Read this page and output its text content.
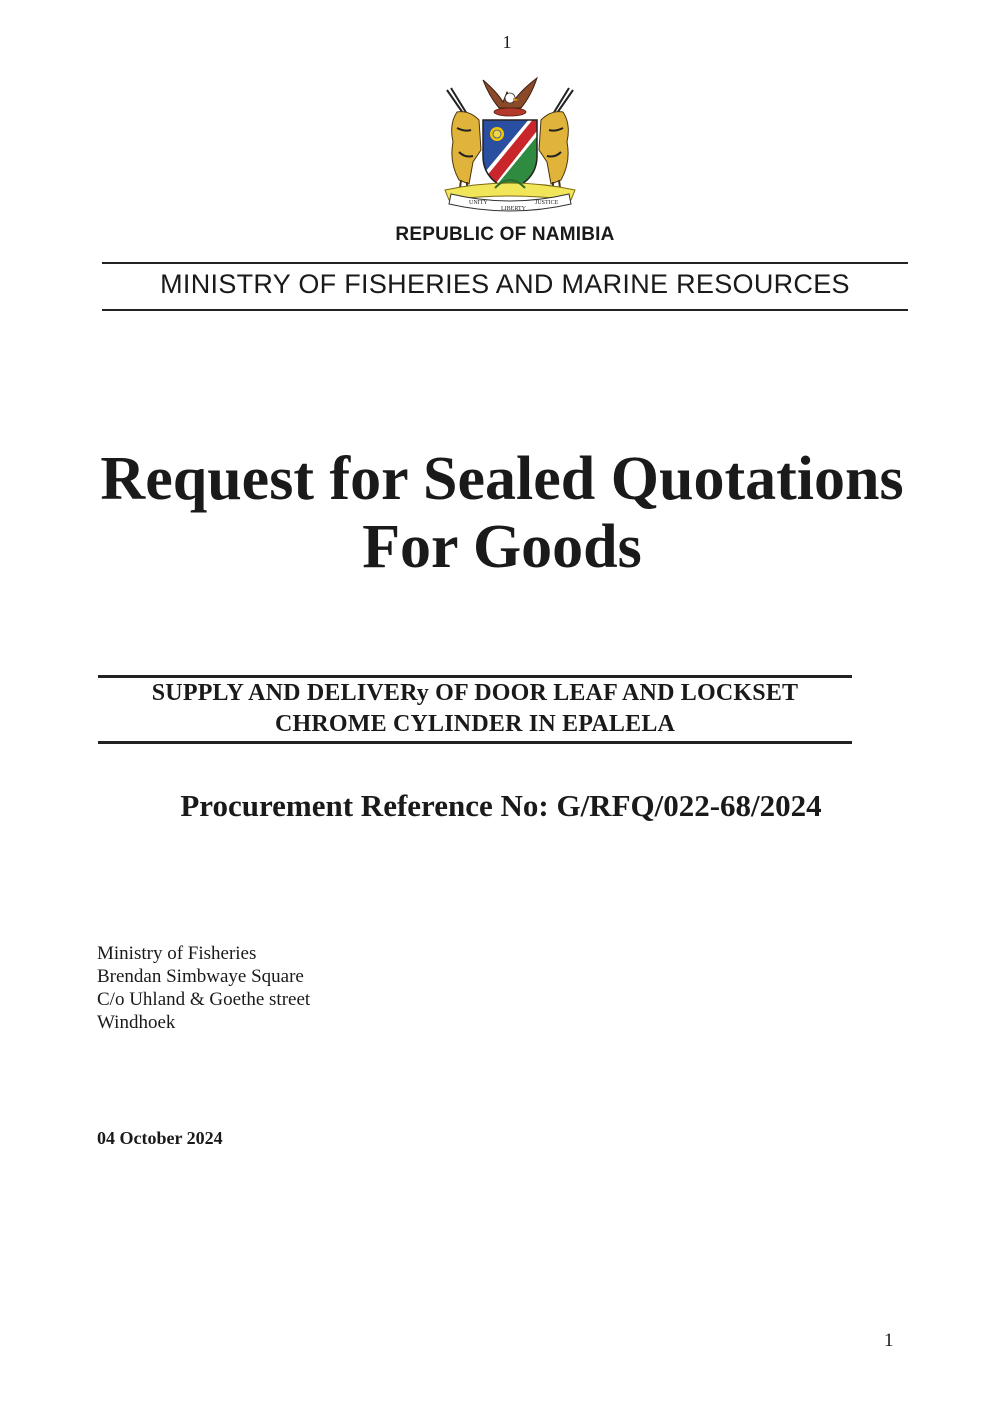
1
UNITY
LIBERTY
JUSTICE
REPUBLIC OF NAMIBIA
MINISTRY OF FISHERIES AND MARINE RESOURCES
Request for Sealed Quotations
For Goods
SUPPLY AND DELIVERy OF DOOR LEAF AND LOCKSET
CHROME CYLINDER IN EPALELA
Procurement Reference No: G/RFQ/022-68/2024
Ministry of Fisheries
Brendan Simbwaye Square
C/o Uhland & Goethe street
Windhoek
04 October 2024
1
